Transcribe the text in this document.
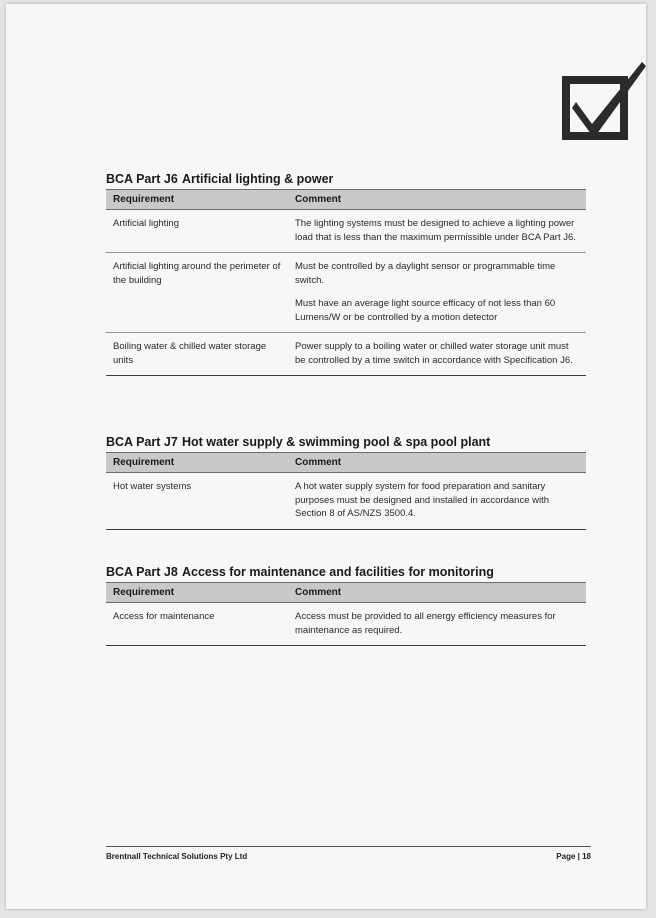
BCA Part J6 Artificial lighting & power
Requirement	Comment
Artificial lighting	The lighting systems must be designed to achieve a lighting power load that is less than the maximum permissible under BCA Part J6.

Artificial lighting around the perimeter of the building	Must be controlled by a daylight sensor or programmable time switch.

Must have an average light source efficacy of not less than 60 Lumens/W or be controlled by a motion detector

Boiling water & chilled water storage units	Power supply to a boiling water or chilled water storage unit must be controlled by a time switch in accordance with Specification J6.

BCA Part J7 Hot water supply & swimming pool & spa pool plant
Requirement	Comment
Hot water systems	A hot water supply system for food preparation and sanitary purposes must be designed and installed in accordance with Section 8 of AS/NZS 3500.4.

BCA Part J8 Access for maintenance and facilities for monitoring
Requirement	Comment
Access for maintenance	Access must be provided to all energy efficiency measures for maintenance as required.

Brentnall Technical Solutions Pty Ltd	Page | 18
